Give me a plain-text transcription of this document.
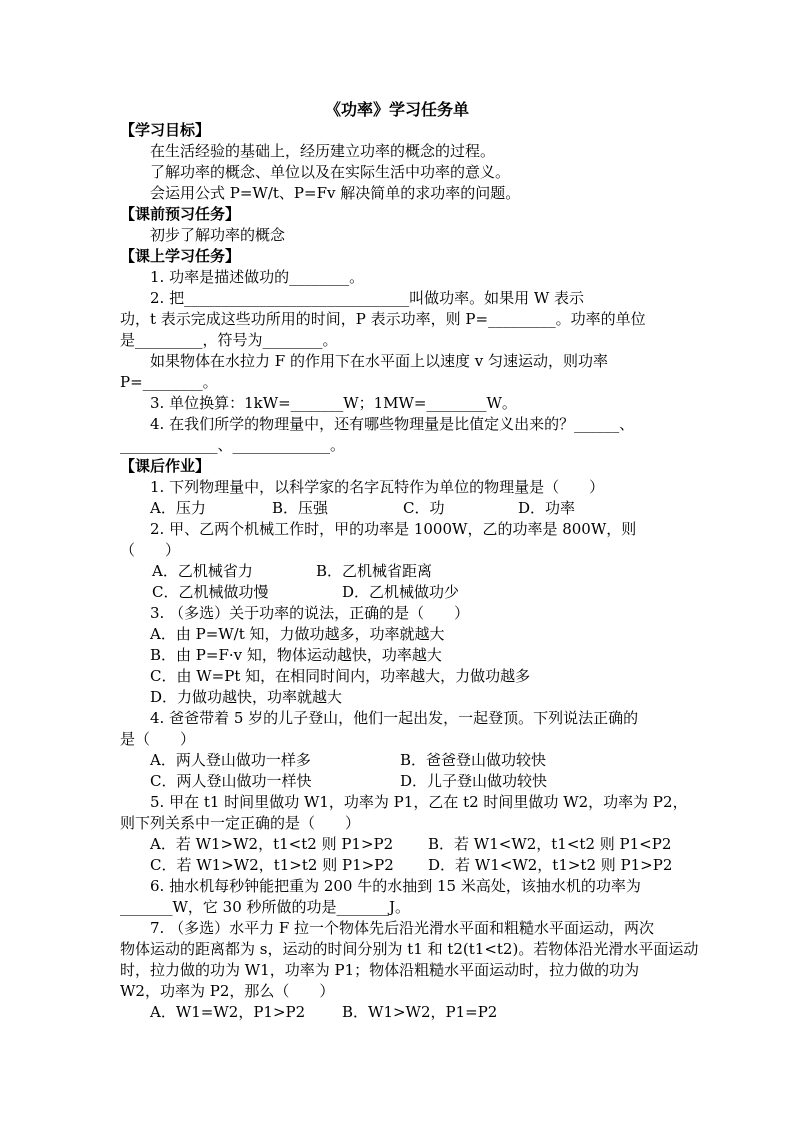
《功率》学习任务单
【学习目标】
在生活经验的基础上，经历建立功率的概念的过程。
了解功率的概念、单位以及在实际生活中功率的意义。
会运用公式 P=W/t、P=Fv 解决简单的求功率的问题。
【课前预习任务】
初步了解功率的概念
【课上学习任务】
1. 功率是描述做功的________。
2. 把______________________________叫做功率。如果用 W 表示
功，t 表示完成这些功所用的时间，P 表示功率，则 P=_________。功率的单位
是_________，符号为________。
如果物体在水拉力 F 的作用下在水平面上以速度 v 匀速运动，则功率
P=________。
3. 单位换算：1kW=_______W；1MW=________W。
4. 在我们所学的物理量中，还有哪些物理量是比值定义出来的？______、
_____________、_____________。
【课后作业】
1. 下列物理量中，以科学家的名字瓦特作为单位的物理量是（　　）
A．压力	B．压强	C．功	D．功率
2. 甲、乙两个机械工作时，甲的功率是 1000W，乙的功率是 800W，则
（　　）
A．乙机械省力	B．乙机械省距离
C．乙机械做功慢	D．乙机械做功少
3. （多选）关于功率的说法，正确的是（　　）
A．由 P=W/t 知，力做功越多，功率就越大
B．由 P=F·v 知，物体运动越快，功率越大
C．由 W=Pt 知，在相同时间内，功率越大，力做功越多
D．力做功越快，功率就越大
4. 爸爸带着 5 岁的儿子登山，他们一起出发，一起登顶。下列说法正确的
是（　　）
A．两人登山做功一样多	B．爸爸登山做功较快
C．两人登山做功一样快	D．儿子登山做功较快
5. 甲在 t1 时间里做功 W1，功率为 P1，乙在 t2 时间里做功 W2，功率为 P2，
则下列关系中一定正确的是（　　）
A．若 W1>W2，t1<t2 则 P1>P2 B．若 W1<W2，t1<t2 则 P1<P2
C．若 W1>W2，t1>t2 则 P1>P2 D．若 W1<W2，t1>t2 则 P1>P2
6. 抽水机每秒钟能把重为 200 牛的水抽到 15 米高处，该抽水机的功率为
_______W，它 30 秒所做的功是_______J。
7. （多选）水平力 F 拉一个物体先后沿光滑水平面和粗糙水平面运动，两次
物体运动的距离都为 s，运动的时间分别为 t1 和 t2(t1<t2)。若物体沿光滑水平面运动
时，拉力做的功为 W1，功率为 P1；物体沿粗糙水平面运动时，拉力做的功为
W2，功率为 P2，那么（　　）
A．W1=W2，P1>P2 B．W1>W2，P1=P2
